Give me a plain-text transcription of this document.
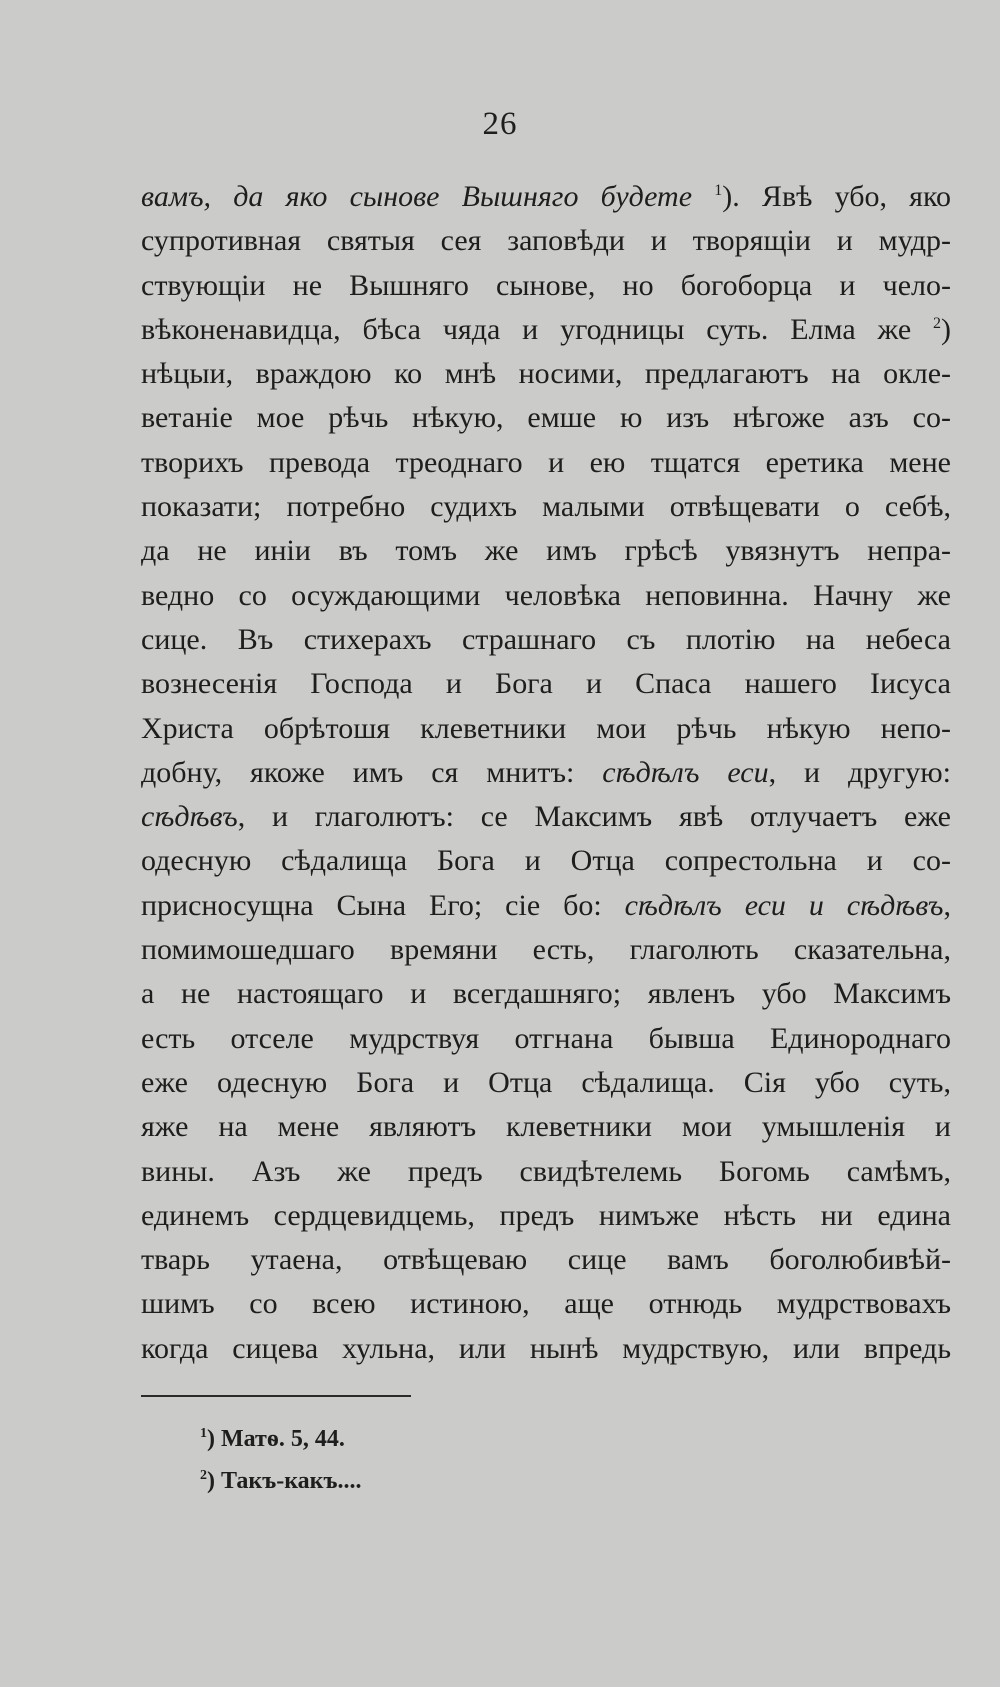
26
вамъ, да яко сынове Вышняго будете $^1$). Явѣ убо, яко
супротивная святыя сея заповѣди и творящіи и мудр-
ствующіи не Вышняго сынове, но богоборца и чело-
вѣконенавидца, бѣса чяда и угодницы суть. Елма же $^2$)
нѣцыи, враждою ко мнѣ носими, предлагаютъ на окле-
ветаніе мое рѣчь нѣкую, емше ю изъ нѣгоже азъ со-
творихъ превода треоднаго и ею тщатся еретика мене
показати; потребно судихъ малыми отвѣщевати о себѣ,
да не иніи въ томъ же имъ грѣсѣ увязнутъ непра-
ведно со осуждающими человѣка неповинна. Начну же
сице. Въ стихерахъ страшнаго съ плотію на небеса
вознесенія Господа и Бога и Спаса нашего Іисуса
Христа обрѣтошя клеветники мои рѣчь нѣкую непо-
добну, якоже имъ ся мнитъ: сѣдѣлъ еси, и другую:
сѣдѣвъ, и глаголютъ: се Максимъ явѣ отлучаетъ еже
одесную сѣдалища Бога и Отца сопрестольна и со-
присносущна Сына Его; сіе бо: сѣдѣлъ еси и сѣдѣвъ,
помимошедшаго времяни есть, глаголють сказательна,
а не настоящаго и всегдашняго; явленъ убо Максимъ
есть отселе мудрствуя отгнана бывша Единороднаго
еже одесную Бога и Отца сѣдалища. Сія убо суть,
яже на мене являютъ клеветники мои умышленія и
вины. Азъ же предъ свидѣтелемь Богомь самѣмъ,
единемъ сердцевидцемь, предъ нимъже нѣсть ни едина
тварь утаена, отвѣщеваю сице вамъ боголюбивѣй-
шимъ со всею истиною, аще отнюдь мудрствовахъ
когда сицева хульна, или нынѣ мудрствую, или впредь
$^1$) Матѳ. 5, 44.
$^2$) Такъ-какъ....
